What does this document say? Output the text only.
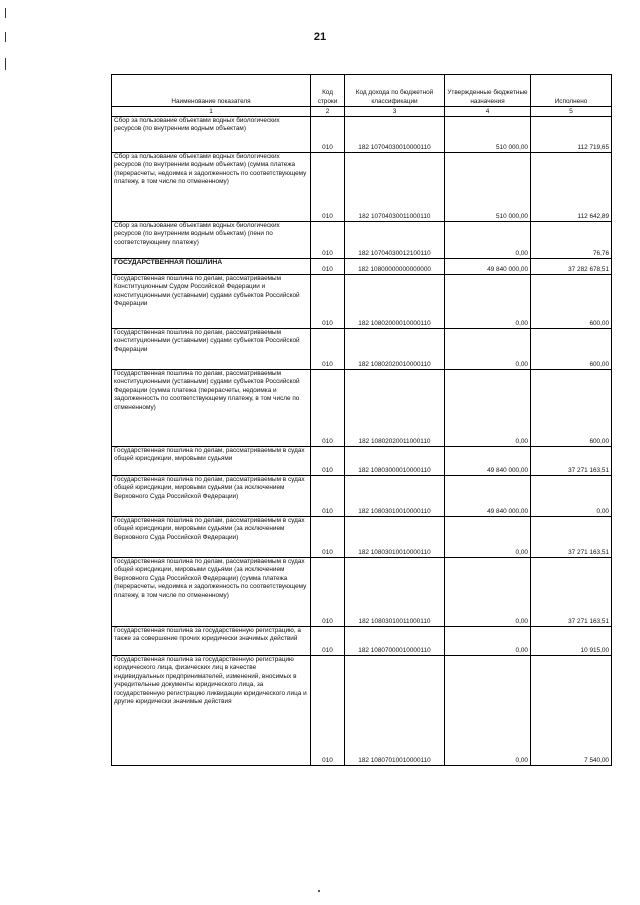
21
Наименование показателя	Код строки	Код дохода по бюджетной классификации	Утвержденные бюджетные назначения	Исполнено
1	2	3	4	5
Сбор за пользование объектами водных биологических ресурсов (по внутренним водным объектам)	010	182 10704030010000110	510 000,00	112 719,65
Сбор за пользование объектами водных биологических ресурсов (по внутренним водным объектам) (сумма платежа (перерасчеты, недоимка и задолженность по соответствующему платежу, в том числе по отмененному)	010	182 10704030011000110	510 000,00	112 642,89
Сбор за пользование объектами водных биологических ресурсов (по внутренним водным объектам) (пени по соответствующему платежу)	010	182 10704030012100110	0,00	76,76
ГОСУДАРСТВЕННАЯ ПОШЛИНА	010	182 10800000000000000	49 840 000,00	37 282 678,51
Государственная пошлина по делам, рассматриваемым Конституционным Судом Российской Федерации и конституционными (уставными) судами субъектов Российской Федерации	010	182 10802000010000110	0,00	600,00
Государственная пошлина по делам, рассматриваемым конституционными (уставными) судами субъектов Российской Федерации	010	182 10802020010000110	0,00	600,00
Государственная пошлина по делам, рассматриваемым конституционными (уставными) судами субъектов Российской Федерации (сумма платежа (перерасчеты, недоимка и задолженность по соответствующему платежу, в том числе по отмененному)	010	182 10802020011000110	0,00	600,00
Государственная пошлина по делам, рассматриваемым в судах общей юрисдикции, мировыми судьями	010	182 10803000010000110	49 840 000,00	37 271 163,51
Государственная пошлина по делам, рассматриваемым в судах общей юрисдикции, мировыми судьями (за исключением Верховного Суда Российской Федерации)	010	182 10803010010000110	49 840 000,00	0,00
Государственная пошлина по делам, рассматриваемым в судах общей юрисдикции, мировыми судьями (за исключением Верховного Суда Российской Федерации)	010	182 10803010010000110	0,00	37 271 163,51
Государственная пошлина по делам, рассматриваемым в судах общей юрисдикции, мировыми судьями (за исключением Верховного Суда Российской Федерации) (сумма платежа (перерасчеты, недоимка и задолженность по соответствующему платежу, в том числе по отмененному)	010	182 10803010011000110	0,00	37 271 163,51
Государственная пошлина за государственную регистрацию, а также за совершение прочих юридически значимых действий	010	182 10807000010000110	0,00	10 915,00
Государственная пошлина за государственную регистрацию юридического лица, физических лиц в качестве индивидуальных предпринимателей, изменений, вносимых в учредительные документы юридического лица, за государственную регистрацию ликвидации юридического лица и другие юридически значимые действия	010	182 10807010010000110	0,00	7 540,00
